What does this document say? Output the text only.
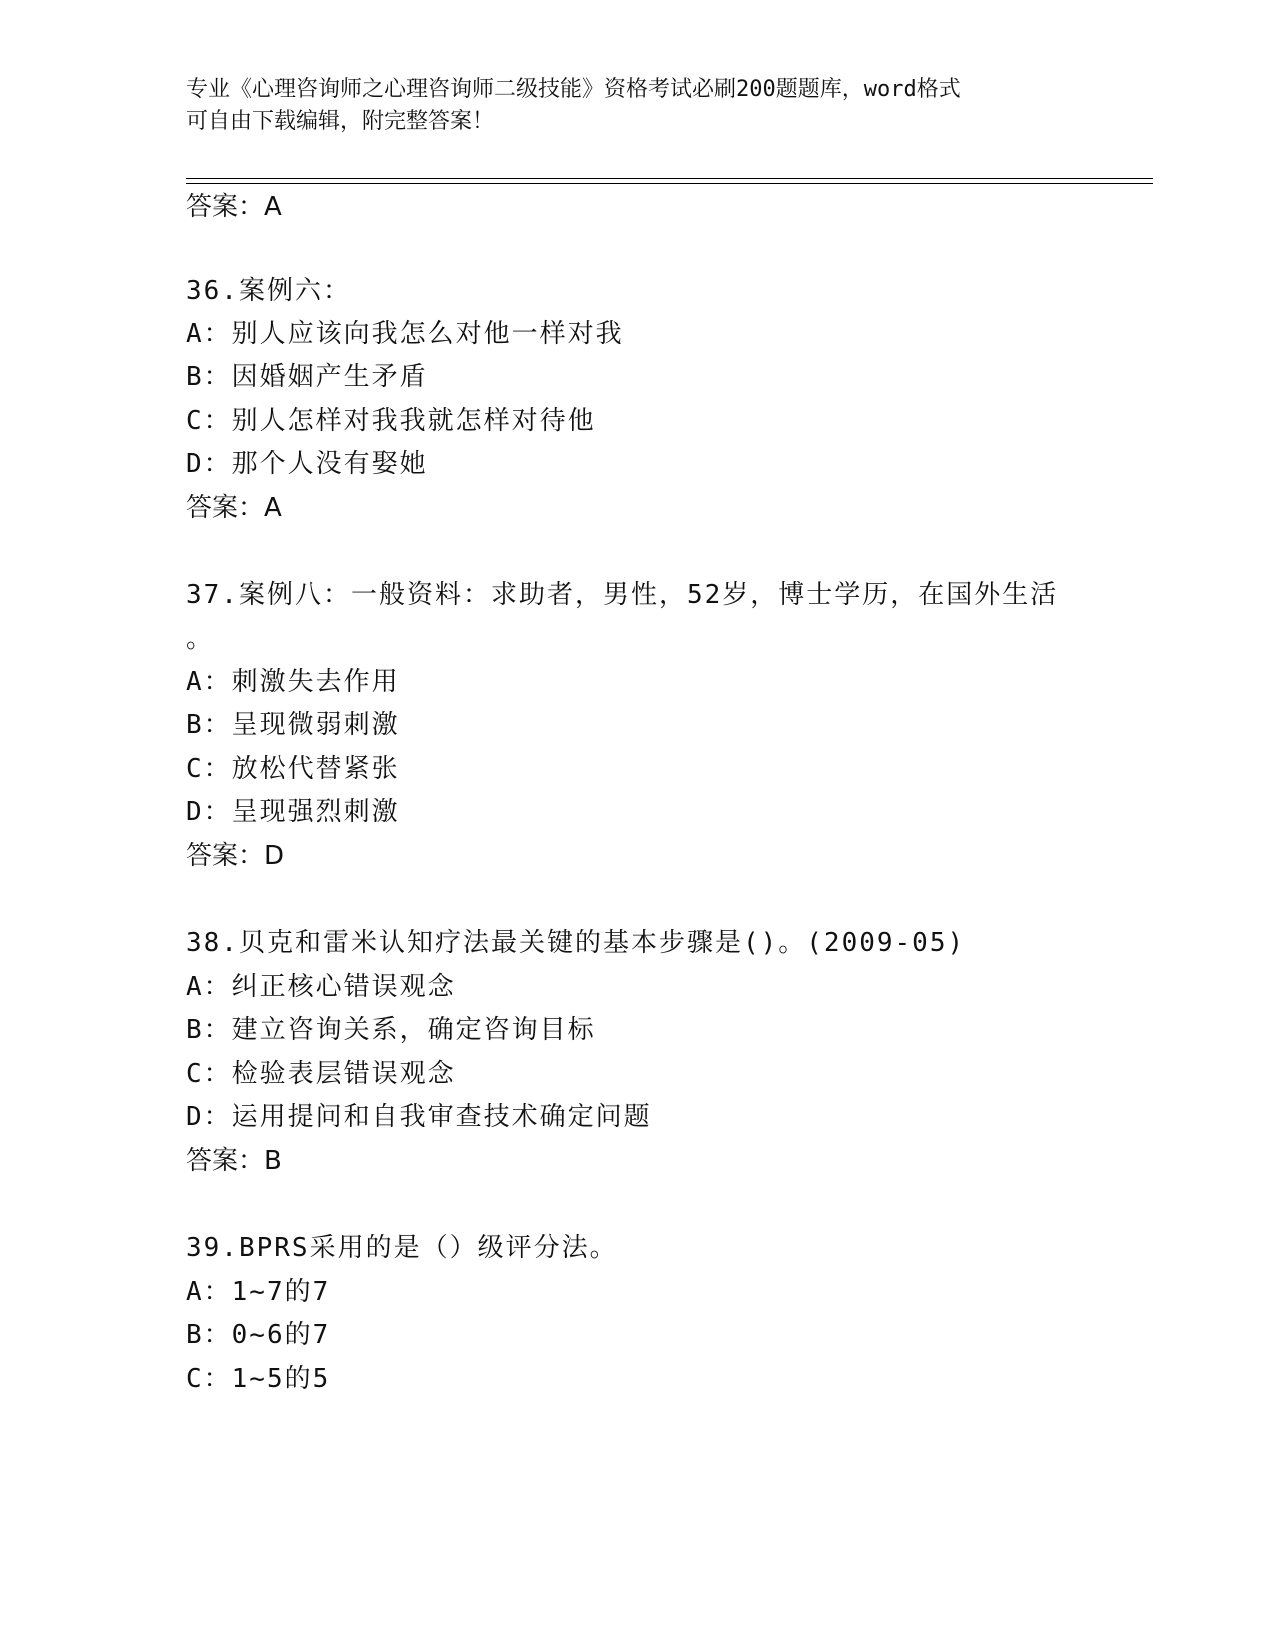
专业《心理咨询师之心理咨询师二级技能》资格考试必刷200题题库，word格式
可自由下载编辑，附完整答案！
答案：A
36.案例六：
A：别人应该向我怎么对他一样对我
B：因婚姻产生矛盾
C：别人怎样对我我就怎样对待他
D：那个人没有娶她
答案：A
37.案例八：一般资料：求助者，男性，52岁，博士学历，在国外生活
。
A：刺激失去作用
B：呈现微弱刺激
C：放松代替紧张
D：呈现强烈刺激
答案：D
38.贝克和雷米认知疗法最关键的基本步骤是()。(2009-05)
A：纠正核心错误观念
B：建立咨询关系，确定咨询目标
C：检验表层错误观念
D：运用提问和自我审查技术确定问题
答案：B
39.BPRS采用的是（）级评分法。
A：1~7的7
B：0~6的7
C：1~5的5
